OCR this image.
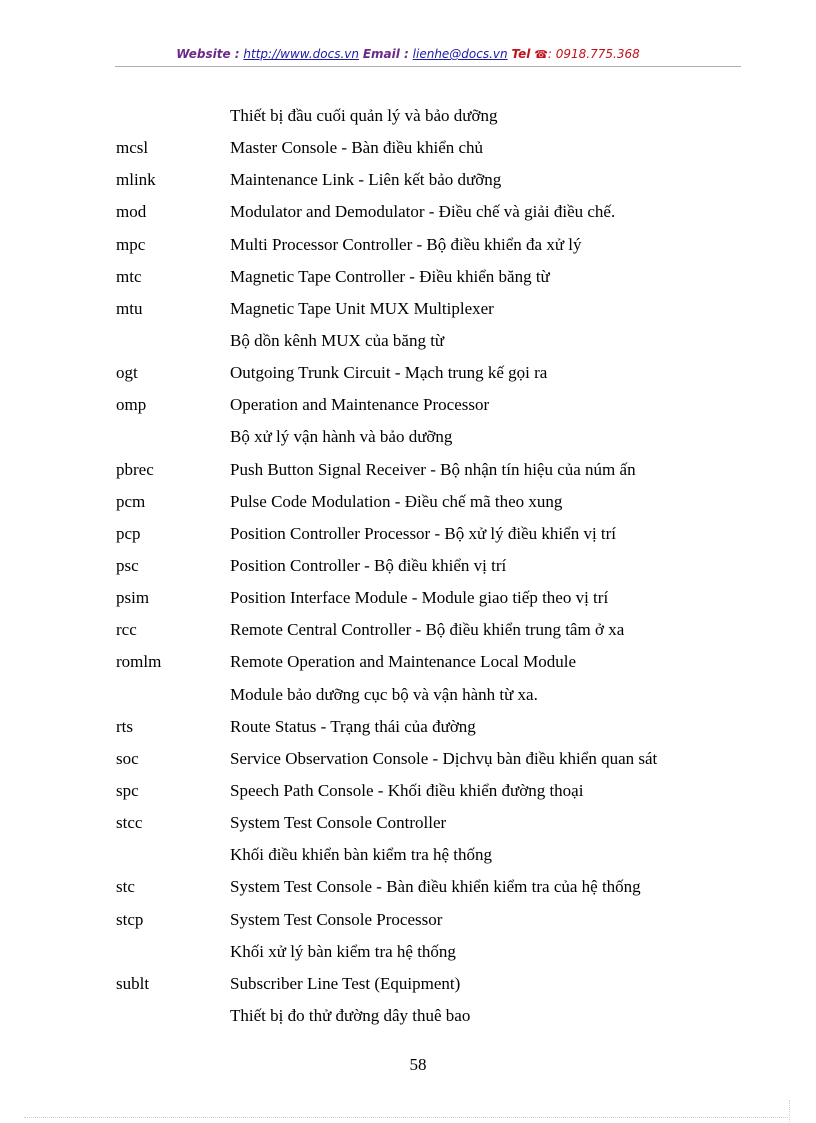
Website : http://www.docs.vn Email : lienhe@docs.vn Tel ☎: 0918.775.368
Thiết bị đầu cuối quản lý và bảo dưỡng
mcsl	Master Console - Bàn điều khiển chủ
mlink	Maintenance Link - Liên kết bảo dưỡng
mod	Modulator and Demodulator - Điều chế và giải điều chế.
mpc	Multi Processor Controller - Bộ điều khiển đa xử lý
mtc	Magnetic Tape Controller - Điều khiển băng từ
mtu	Magnetic Tape Unit MUX Multiplexer
Bộ dồn kênh MUX của băng từ
ogt	Outgoing Trunk Circuit - Mạch trung kế gọi ra
omp	Operation and Maintenance Processor
Bộ xử lý vận hành và bảo dưỡng
pbrec	Push Button Signal Receiver - Bộ nhận tín hiệu của núm ấn
pcm	Pulse Code Modulation - Điều chế mã theo xung
pcp	Position Controller Processor - Bộ xử lý điều khiển vị trí
psc	Position Controller - Bộ điều khiển vị trí
psim	Position Interface Module - Module giao tiếp theo vị trí
rcc	Remote Central Controller - Bộ điều khiển trung tâm ở xa
romlm	Remote Operation and Maintenance Local Module
Module bảo dưỡng cục bộ và vận hành từ xa.
rts	Route Status - Trạng thái của đường
soc	Service Observation Console - Dịchvụ bàn điều khiển quan sát
spc	Speech Path Console - Khối điều khiển đường thoại
stcc	System Test Console Controller
Khối điều khiển bàn kiểm tra hệ thống
stc	System Test Console - Bàn điều khiển kiểm tra của hệ thống
stcp	System Test Console Processor
Khối xử lý bàn kiểm tra hệ thống
sublt	Subscriber Line Test (Equipment)
Thiết bị đo thử đường dây thuê bao
58
